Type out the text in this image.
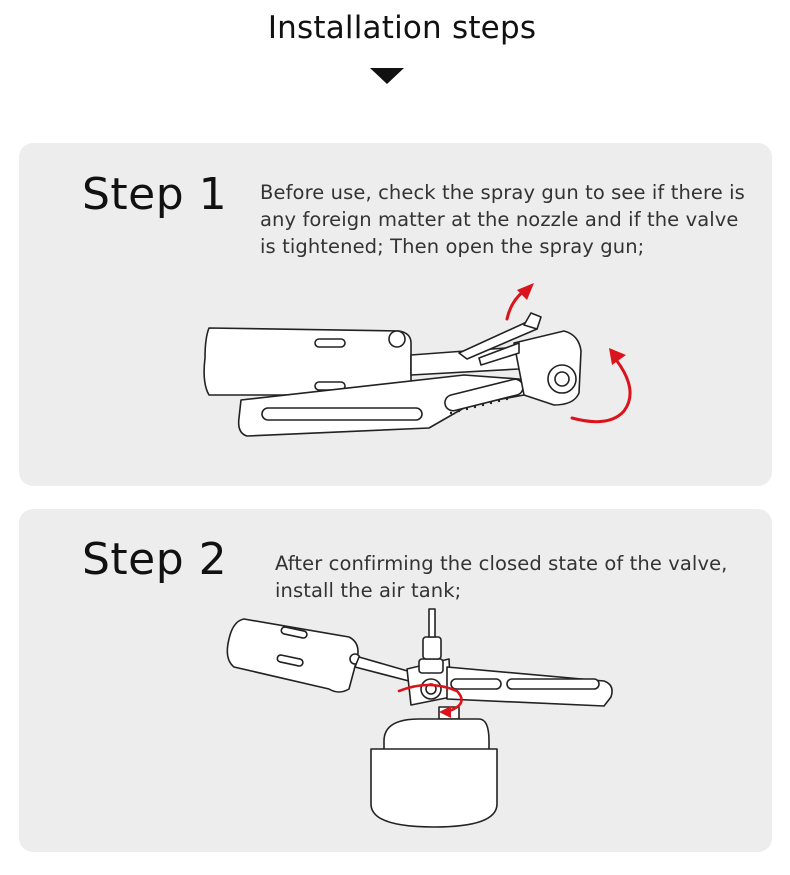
Installation steps
Step 1 Before use, check the spray gun to see if there is any foreign matter at the nozzle and if the valve is tightened; Then open the spray gun;
Step 2 After confirming the closed state of the valve, install the air tank;
